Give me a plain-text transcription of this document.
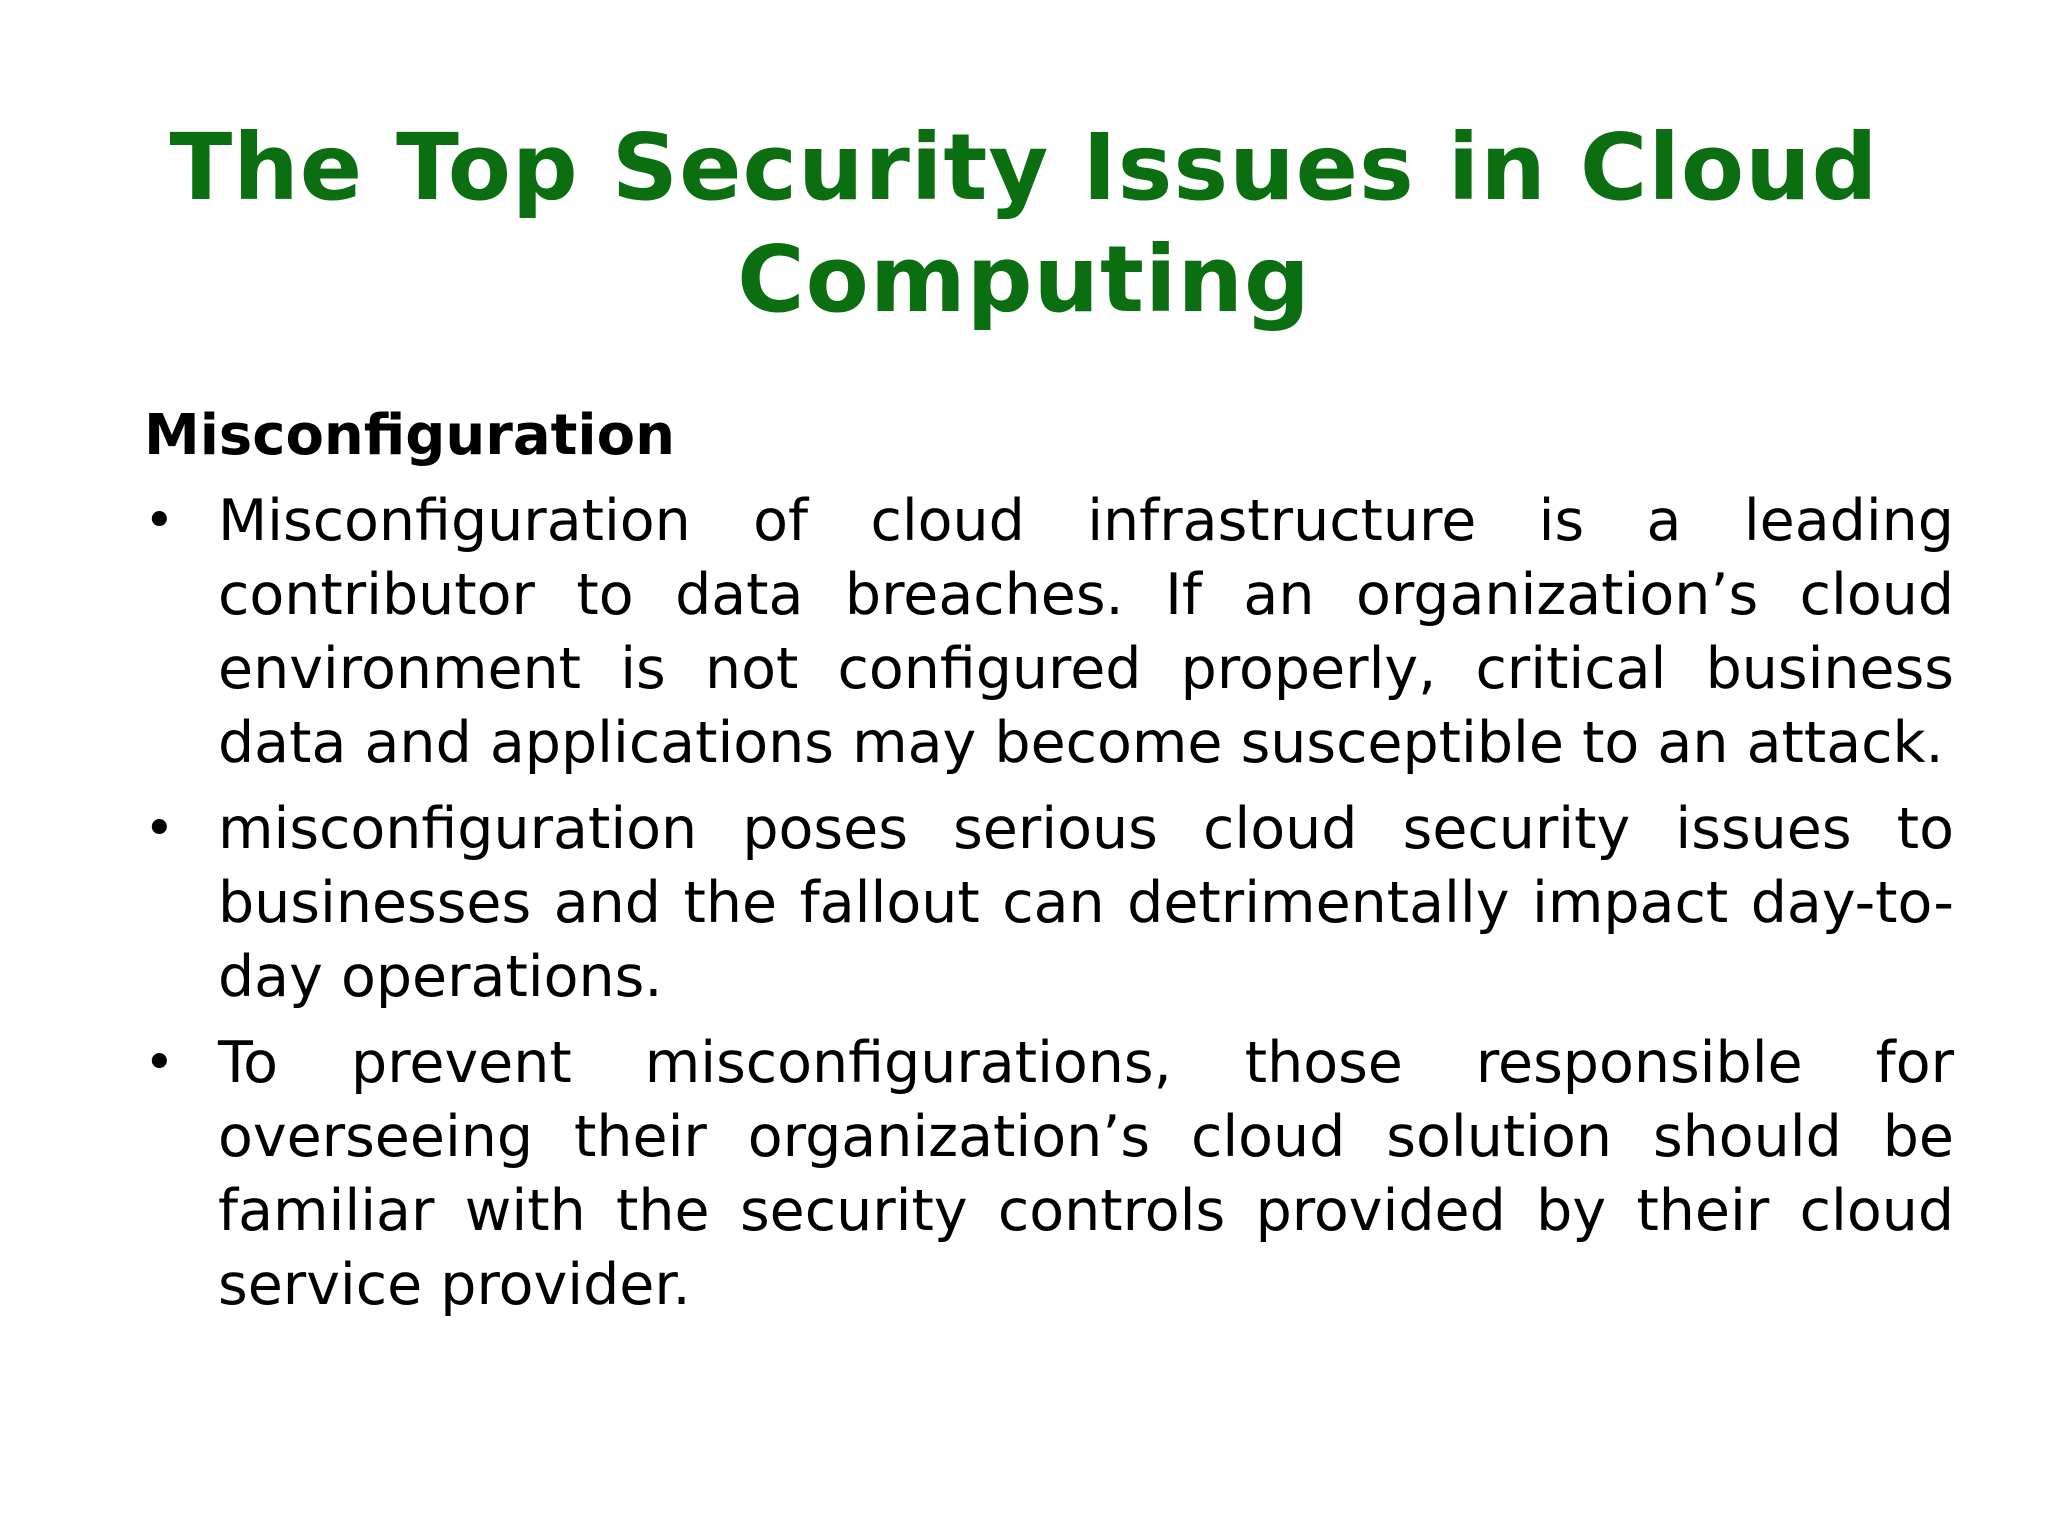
The Top Security Issues in Cloud Computing
Misconfiguration
• Misconfiguration of cloud infrastructure is a leading contributor to data breaches. If an organization’s cloud environment is not configured properly, critical business data and applications may become susceptible to an attack.
• misconfiguration poses serious cloud security issues to businesses and the fallout can detrimentally impact day-to-day operations.
• To prevent misconfigurations, those responsible for overseeing their organization’s cloud solution should be familiar with the security controls provided by their cloud service provider.
